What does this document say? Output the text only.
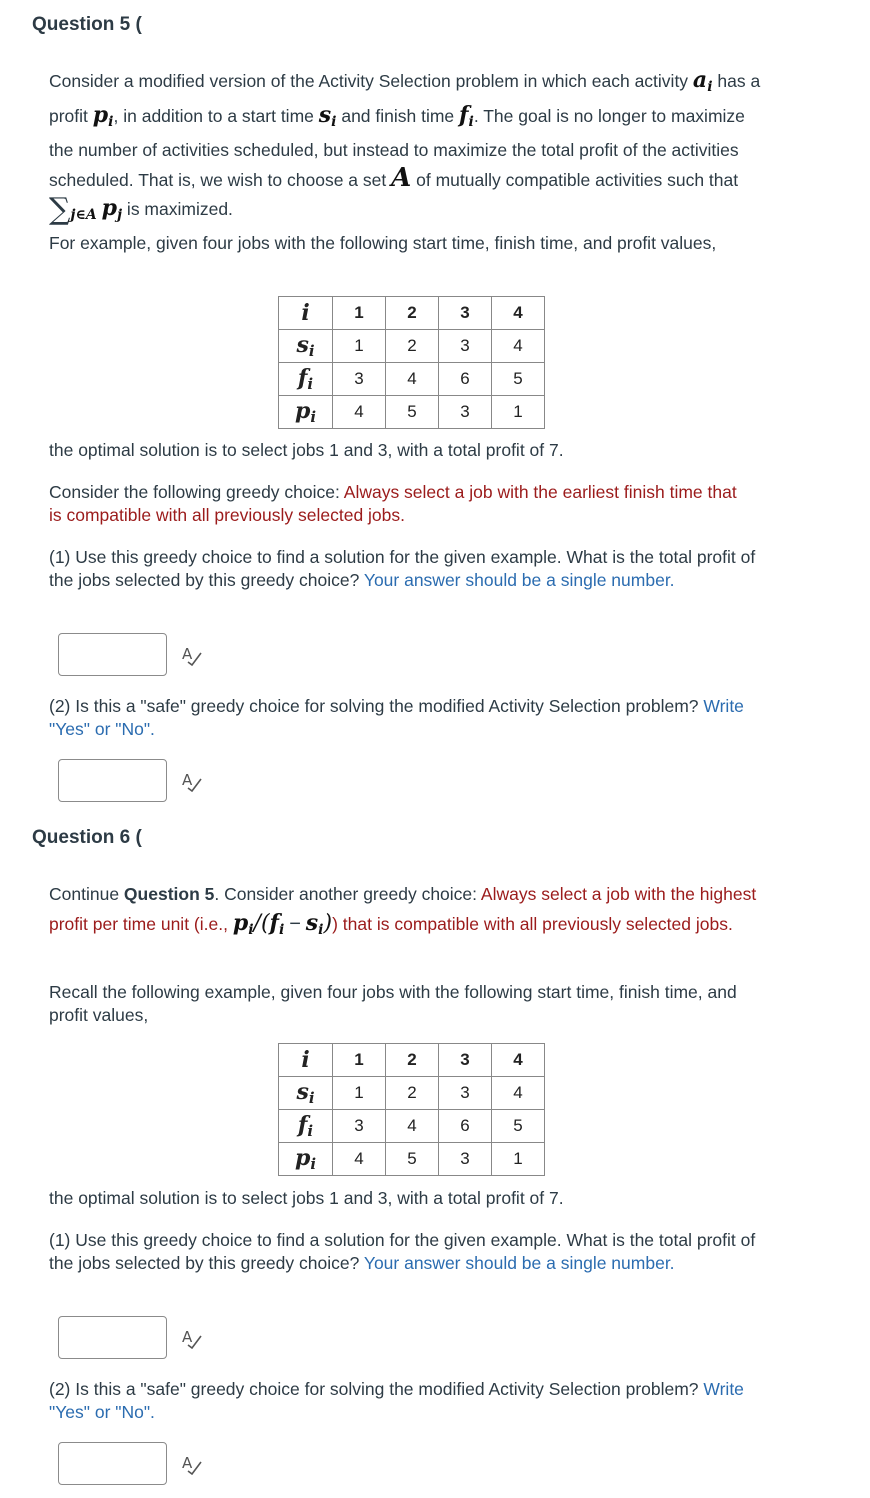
Question 5 (

Consider a modified version of the Activity Selection problem in which each activity $a_i$ has a profit $p_i$, in addition to a start time $s_i$ and finish time $f_i$. The goal is no longer to maximize the number of activities scheduled, but instead to maximize the total profit of the activities scheduled. That is, we wish to choose a set A of mutually compatible activities such that $\sum_{j\in A}$ $p_j$ is maximized.

For example, given four jobs with the following start time, finish time, and profit values,

i	1	2	3	4
$s_i$	1	2	3	4
$f_i$	3	4	6	5
$p_i$	4	5	3	1

the optimal solution is to select jobs 1 and 3, with a total profit of 7.

Consider the following greedy choice: Always select a job with the earliest finish time that is compatible with all previously selected jobs.

(1) Use this greedy choice to find a solution for the given example. What is the total profit of the jobs selected by this greedy choice? Your answer should be a single number.

A

(2) Is this a "safe" greedy choice for solving the modified Activity Selection problem? Write "Yes" or "No".

A
Question 6 (

Continue Question 5. Consider another greedy choice: Always select a job with the highest profit per time unit (i.e., $p_i/(f_i - s_i)$) that is compatible with all previously selected jobs.

Recall the following example, given four jobs with the following start time, finish time, and profit values,

i	1	2	3	4
$s_i$	1	2	3	4
$f_i$	3	4	6	5
$p_i$	4	5	3	1

the optimal solution is to select jobs 1 and 3, with a total profit of 7.

(1) Use this greedy choice to find a solution for the given example. What is the total profit of the jobs selected by this greedy choice? Your answer should be a single number.

A

(2) Is this a "safe" greedy choice for solving the modified Activity Selection problem? Write "Yes" or "No".

A
